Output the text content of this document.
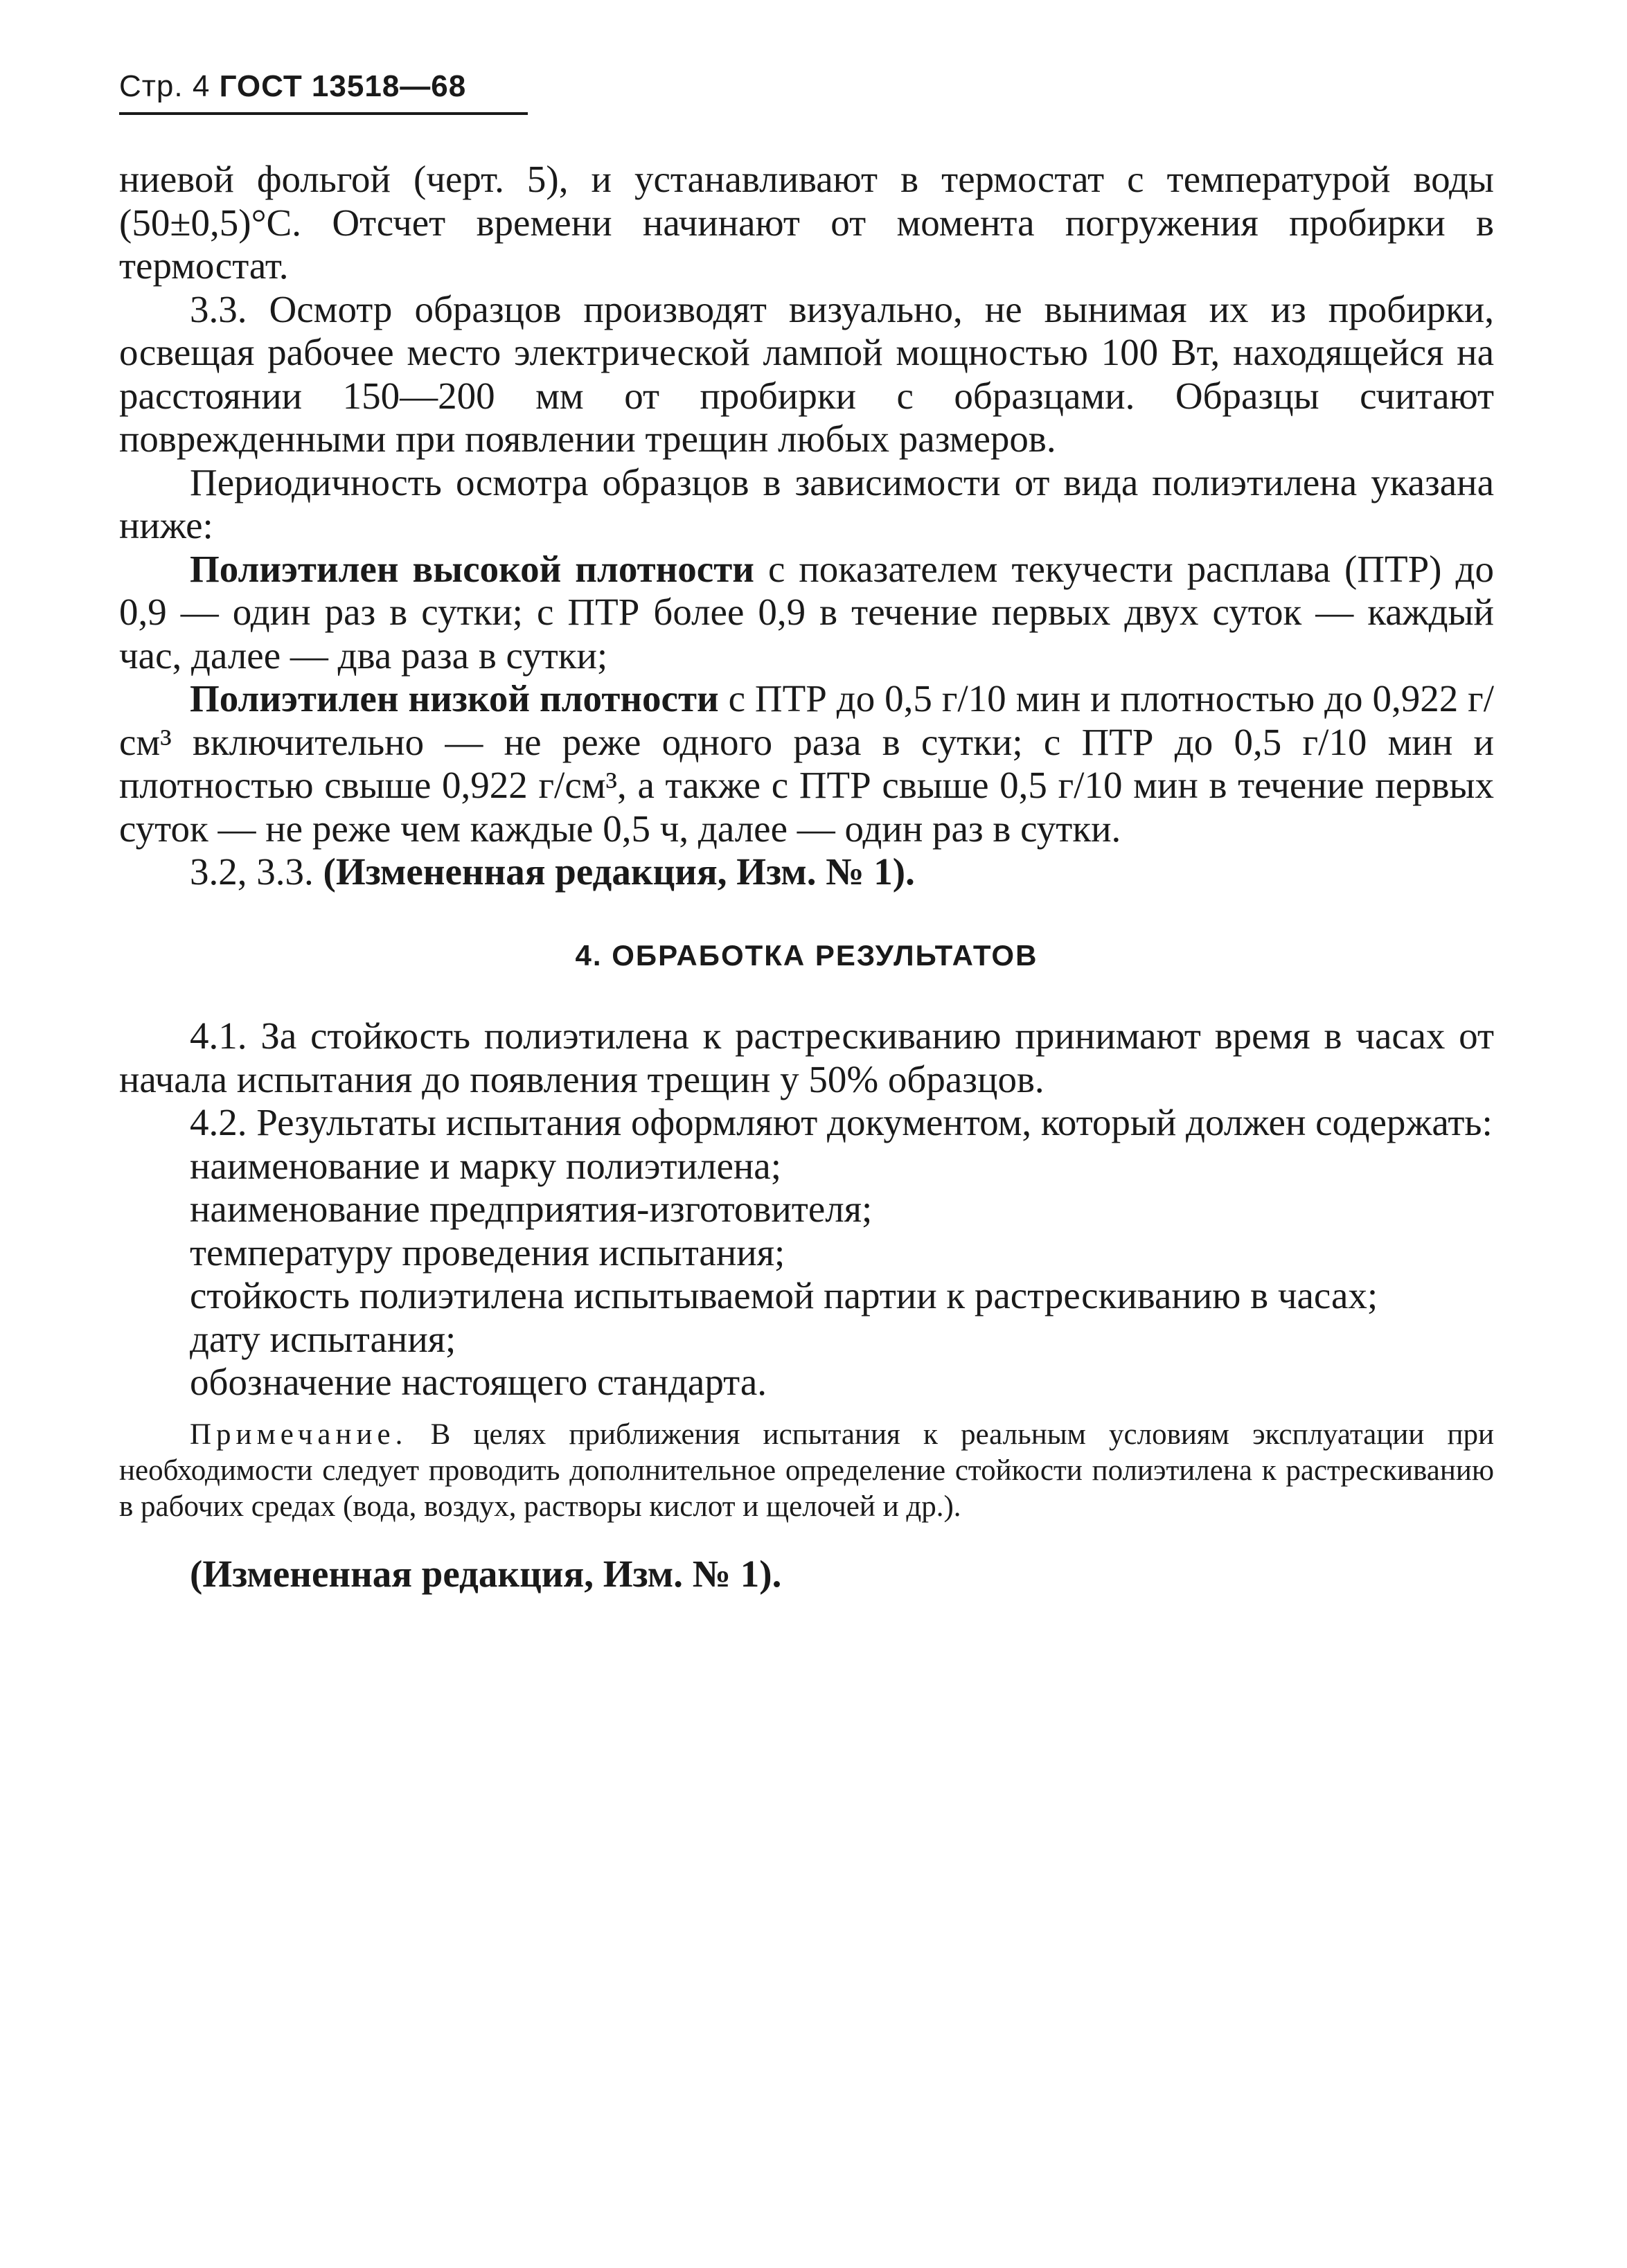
Стр. 4 ГОСТ 13518—68

ниевой фольгой (черт. 5), и устанавливают в термостат с температурой воды (50±0,5)°С. Отсчет времени начинают от момента погружения пробирки в термостат.

3.3. Осмотр образцов производят визуально, не вынимая их из пробирки, освещая рабочее место электрической лампой мощностью 100 Вт, находящейся на расстоянии 150—200 мм от пробирки с образцами. Образцы считают поврежденными при появлении трещин любых размеров.

Периодичность осмотра образцов в зависимости от вида полиэтилена указана ниже:

Полиэтилен высокой плотности с показателем текучести расплава (ПТР) до 0,9 — один раз в сутки; с ПТР более 0,9 в течение первых двух суток — каждый час, далее — два раза в сутки;

Полиэтилен низкой плотности с ПТР до 0,5 г/10 мин и плотностью до 0,922 г/см³ включительно — не реже одного раза в сутки; с ПТР до 0,5 г/10 мин и плотностью свыше 0,922 г/см³, а также с ПТР свыше 0,5 г/10 мин в течение первых суток — не реже чем каждые 0,5 ч, далее — один раз в сутки.

3.2, 3.3. (Измененная редакция, Изм. № 1).

4. ОБРАБОТКА РЕЗУЛЬТАТОВ

4.1. За стойкость полиэтилена к растрескиванию принимают время в часах от начала испытания до появления трещин у 50% образцов.

4.2. Результаты испытания оформляют документом, который должен содержать:

наименование и марку полиэтилена;

наименование предприятия-изготовителя;

температуру проведения испытания;

стойкость полиэтилена испытываемой партии к растрескиванию в часах;

дату испытания;

обозначение настоящего стандарта.

Примечание. В целях приближения испытания к реальным условиям эксплуатации при необходимости следует проводить дополнительное определение стойкости полиэтилена к растрескиванию в рабочих средах (вода, воздух, растворы кислот и щелочей и др.).

(Измененная редакция, Изм. № 1).
